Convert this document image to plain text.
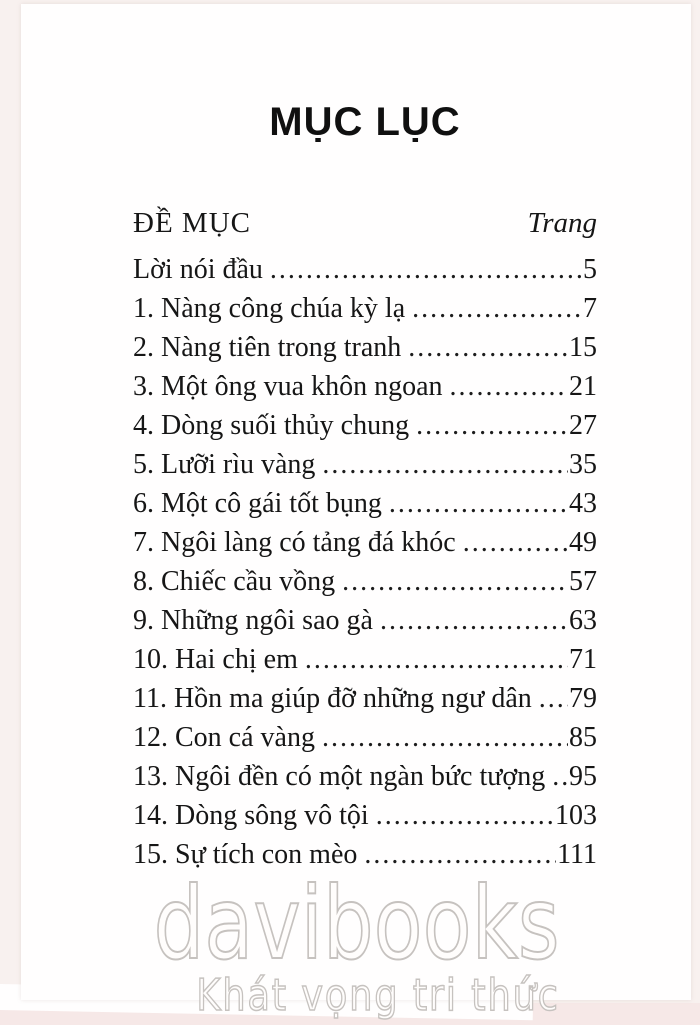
MỤC LỤC
ĐỀ MỤC	Trang
Lời nói đầu .....	5
1. Nàng công chúa kỳ lạ .....	7
2. Nàng tiên trong tranh .....	15
3. Một ông vua khôn ngoan .....	21
4. Dòng suối thủy chung .....	27
5. Lưỡi rìu vàng .....	35
6. Một cô gái tốt bụng .....	43
7. Ngôi làng có tảng đá khóc .....	49
8. Chiếc cầu vồng .....	57
9. Những ngôi sao gà .....	63
10. Hai chị em .....	71
11. Hồn ma giúp đỡ những ngư dân ..... 79
12. Con cá vàng .....	85
13. Ngôi đền có một ngàn bức tượng ..... 95
14. Dòng sông vô tội .....	103
15. Sự tích con mèo .....	111
davibooks
Khát vọng tri thức
